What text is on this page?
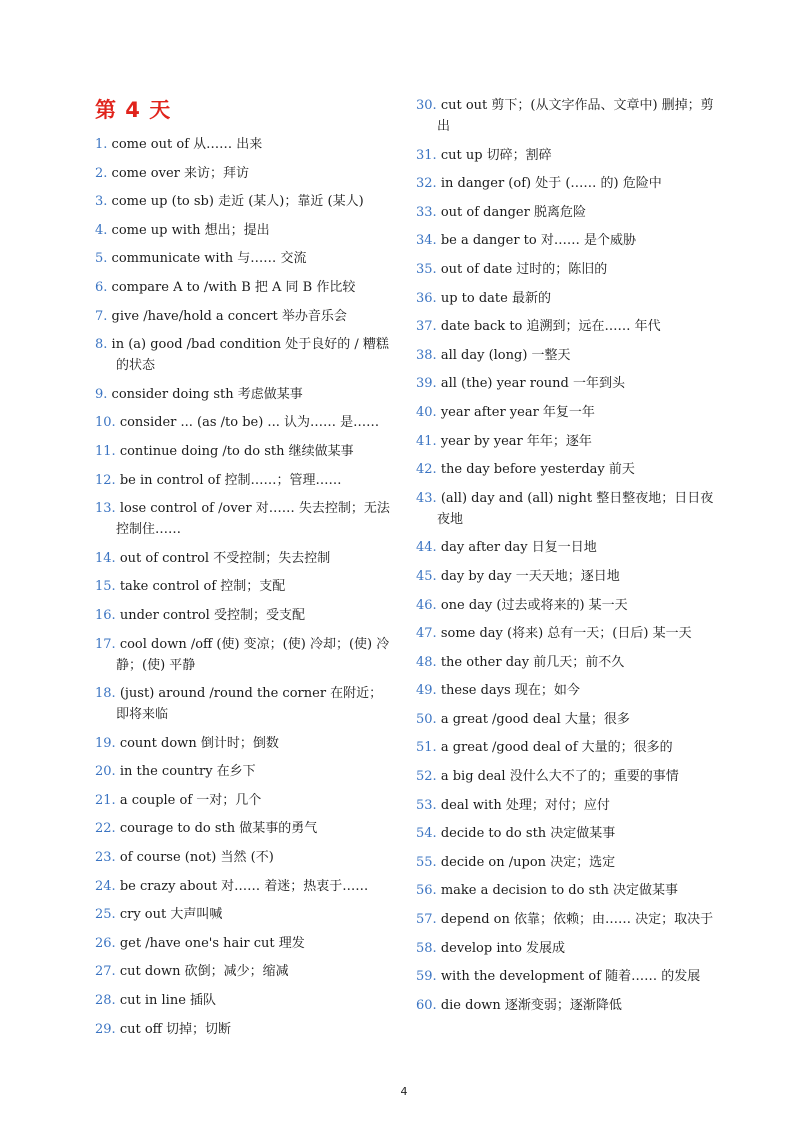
第 4 天
1. come out of 从…… 出来
2. come over 来访；拜访
3. come up (to sb) 走近 (某人)；靠近 (某人)
4. come up with 想出；提出
5. communicate with 与…… 交流
6. compare A to /with B 把 A 同 B 作比较
7. give /have/hold a concert 举办音乐会
8. in (a) good /bad condition 处于良好的 / 糟糕的状态
9. consider doing sth 考虑做某事
10. consider ... (as /to be) ... 认为…… 是……
11. continue doing /to do sth 继续做某事
12. be in control of 控制……；管理……
13. lose control of /over 对…… 失去控制；无法控制住……
14. out of control 不受控制；失去控制
15. take control of 控制；支配
16. under control 受控制；受支配
17. cool down /off (使) 变凉；(使) 冷却；(使) 冷静；(使) 平静
18. (just) around /round the corner 在附近；即将来临
19. count down 倒计时；倒数
20. in the country 在乡下
21. a couple of 一对；几个
22. courage to do sth 做某事的勇气
23. of course (not) 当然 (不)
24. be crazy about 对…… 着迷；热衷于……
25. cry out 大声叫喊
26. get /have one's hair cut 理发
27. cut down 砍倒；减少；缩减
28. cut in line 插队
29. cut off 切掉；切断
30. cut out 剪下；(从文字作品、文章中) 删掉；剪出
31. cut up 切碎；割碎
32. in danger (of) 处于 (…… 的) 危险中
33. out of danger 脱离危险
34. be a danger to 对…… 是个威胁
35. out of date 过时的；陈旧的
36. up to date 最新的
37. date back to 追溯到；远在…… 年代
38. all day (long) 一整天
39. all (the) year round 一年到头
40. year after year 年复一年
41. year by year 年年；逐年
42. the day before yesterday 前天
43. (all) day and (all) night 整日整夜地；日日夜夜地
44. day after day 日复一日地
45. day by day 一天天地；逐日地
46. one day (过去或将来的) 某一天
47. some day (将来) 总有一天；(日后) 某一天
48. the other day 前几天；前不久
49. these days 现在；如今
50. a great /good deal 大量；很多
51. a great /good deal of 大量的；很多的
52. a big deal 没什么大不了的；重要的事情
53. deal with 处理；对付；应付
54. decide to do sth 决定做某事
55. decide on /upon 决定；选定
56. make a decision to do sth 决定做某事
57. depend on 依靠；依赖；由…… 决定；取决于
58. develop into 发展成
59. with the development of 随着…… 的发展
60. die down 逐渐变弱；逐渐降低
4
